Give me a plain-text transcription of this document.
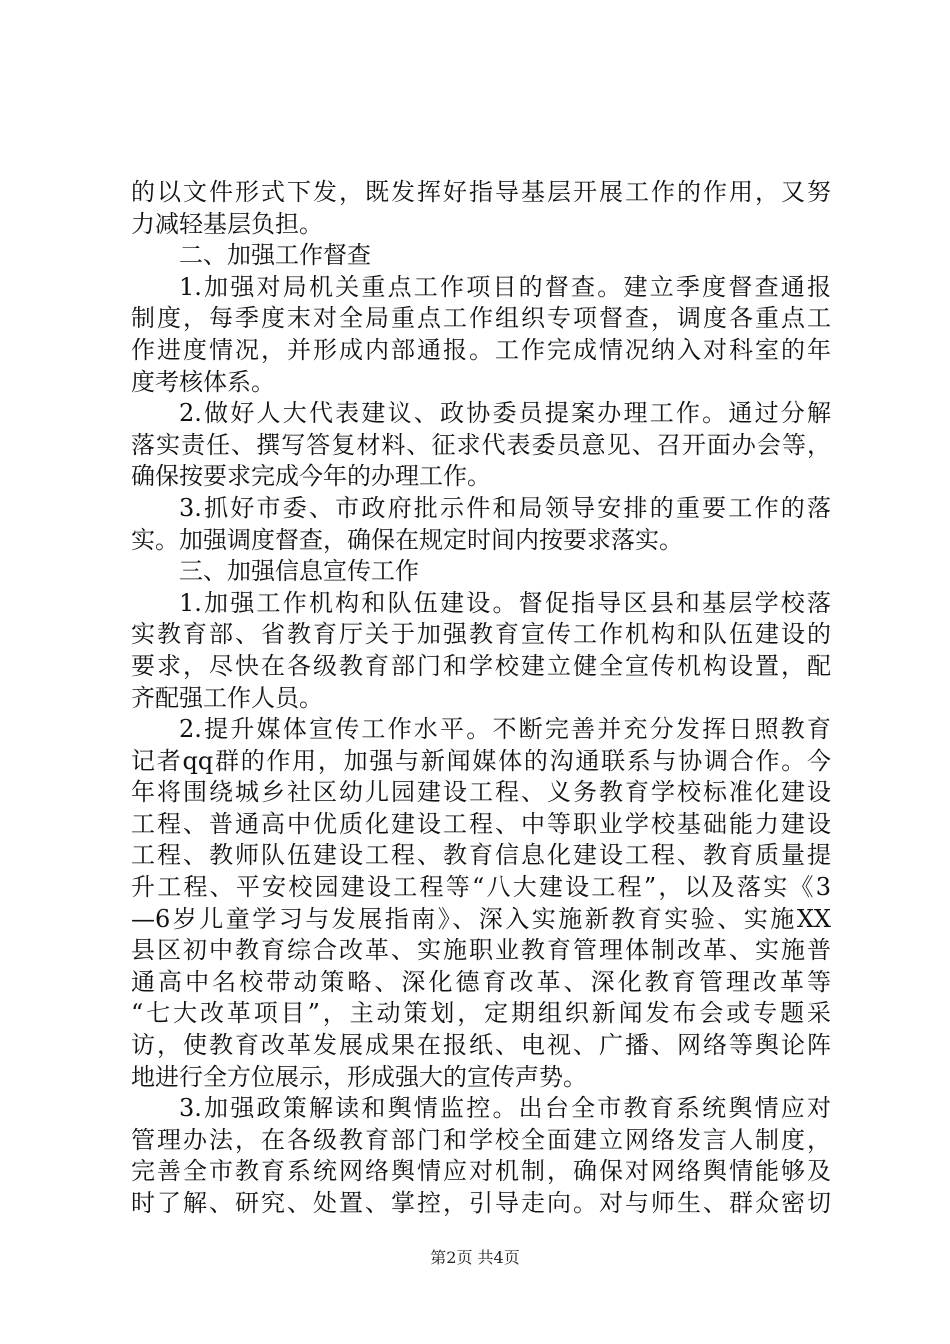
的以文件形式下发，既发挥好指导基层开展工作的作用，又努
力减轻基层负担。
二、加强工作督查
1.加强对局机关重点工作项目的督查。建立季度督查通报
制度，每季度末对全局重点工作组织专项督查，调度各重点工
作进度情况，并形成内部通报。工作完成情况纳入对科室的年
度考核体系。
2.做好人大代表建议、政协委员提案办理工作。通过分解
落实责任、撰写答复材料、征求代表委员意见、召开面办会等，
确保按要求完成今年的办理工作。
3.抓好市委、市政府批示件和局领导安排的重要工作的落
实。加强调度督查，确保在规定时间内按要求落实。
三、加强信息宣传工作
1.加强工作机构和队伍建设。督促指导区县和基层学校落
实教育部、省教育厅关于加强教育宣传工作机构和队伍建设的
要求，尽快在各级教育部门和学校建立健全宣传机构设置，配
齐配强工作人员。
2.提升媒体宣传工作水平。不断完善并充分发挥日照教育
记者qq群的作用，加强与新闻媒体的沟通联系与协调合作。今
年将围绕城乡社区幼儿园建设工程、义务教育学校标准化建设
工程、普通高中优质化建设工程、中等职业学校基础能力建设
工程、教师队伍建设工程、教育信息化建设工程、教育质量提
升工程、平安校园建设工程等“八大建设工程”，以及落实《3
—6岁儿童学习与发展指南》、深入实施新教育实验、实施XX
县区初中教育综合改革、实施职业教育管理体制改革、实施普
通高中名校带动策略、深化德育改革、深化教育管理改革等
“七大改革项目”，主动策划，定期组织新闻发布会或专题采
访，使教育改革发展成果在报纸、电视、广播、网络等舆论阵
地进行全方位展示，形成强大的宣传声势。
3.加强政策解读和舆情监控。出台全市教育系统舆情应对
管理办法，在各级教育部门和学校全面建立网络发言人制度，
完善全市教育系统网络舆情应对机制，确保对网络舆情能够及
时了解、研究、处置、掌控，引导走向。对与师生、群众密切
第2页 共4页
